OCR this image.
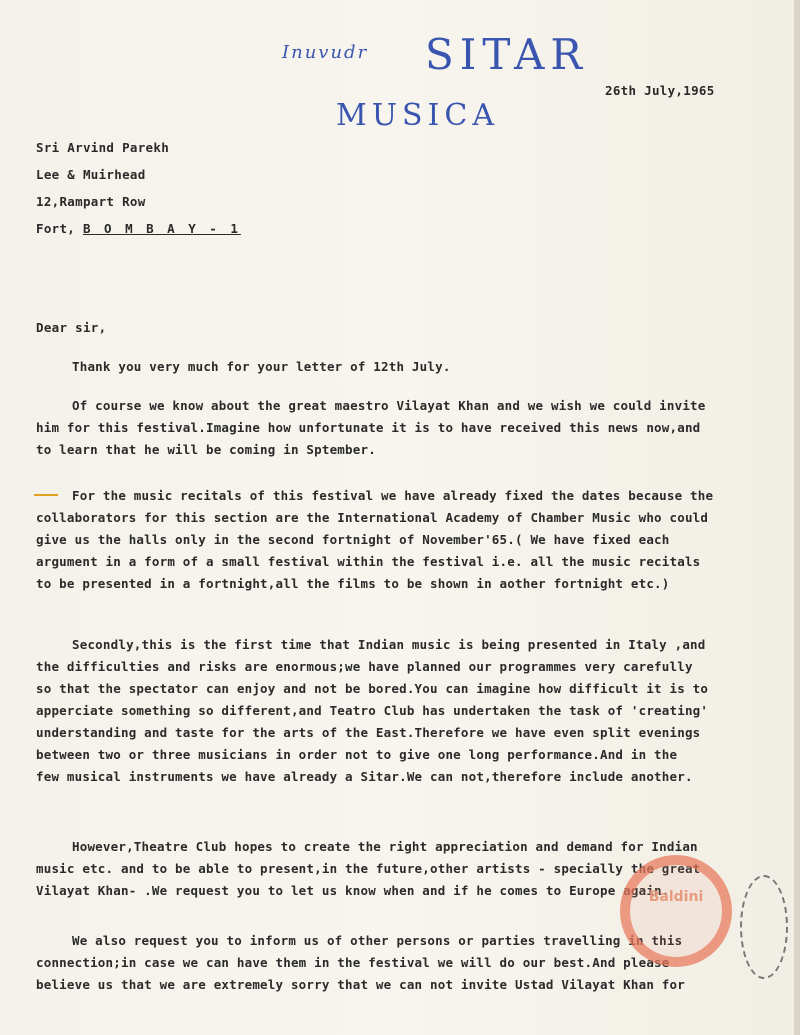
Inuvudr SITAR
MUSICA
26th July,1965
Sri Arvind Parekh
Lee & Muirhead
12,Rampart Row
Fort, B O M B A Y - 1
Dear sir,
Thank you very much for your letter of 12th July.
Of course we know about the great maestro Vilayat Khan and we wish we could invite
him for this festival.Imagine how unfortunate it is to have received this news now,and
to learn that he will be coming in Sptember.
For the music recitals of this festival we have already fixed the dates because the
collaborators for this section are the International Academy of Chamber Music who could
give us the halls only in the second fortnight of November'65.( We have fixed each
argument in a form of a small festival within the festival i.e. all the music recitals
to be presented in a fortnight,all the films to be shown in aother fortnight etc.)
Secondly,this is the first time that Indian music is being presented in Italy ,and
the difficulties and risks are enormous;we have planned our programmes very carefully
so that the spectator can enjoy and not be bored.You can imagine how difficult it is to
apperciate something so different,and Teatro Club has undertaken the task of 'creating'
understanding and taste for the arts of the East.Therefore we have even split evenings
between two or three musicians in order not to give one long performance.And in the
few musical instruments we have already a Sitar.We can not,therefore include another.
However,Theatre Club hopes to create the right appreciation and demand for Indian
music etc. and to be able to present,in the future,other artists - specially the great
Vilayat Khan- .We request you to let us know when and if he comes to Europe again.
We also request you to inform us of other persons or parties travelling in this
connection;in case we can have them in the festival we will do our best.And please
believe us that we are extremely sorry that we can not invite Ustad Vilayat Khan for
Baldini
